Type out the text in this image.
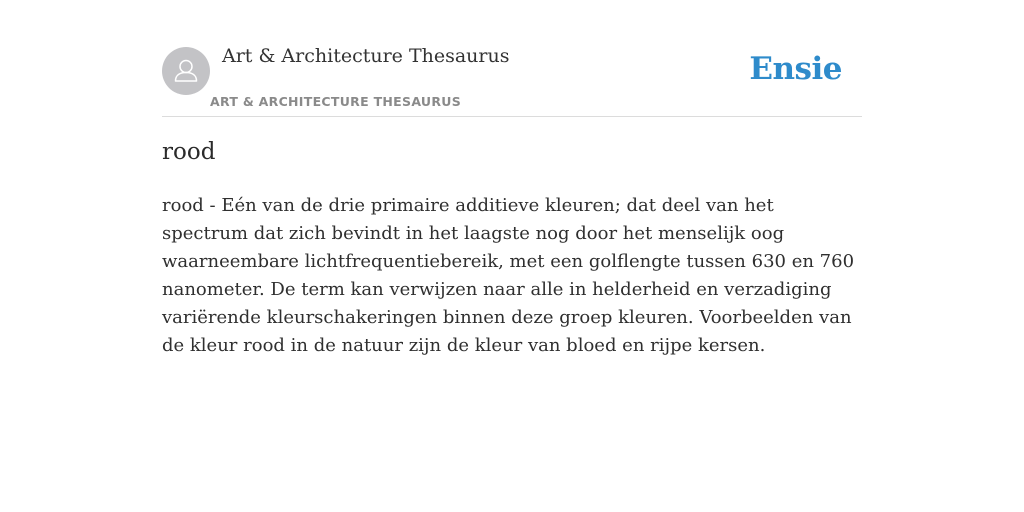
Art & Architecture Thesaurus
ART & ARCHITECTURE THESAURUS
Ensie
rood

rood - Eén van de drie primaire additieve kleuren; dat deel van het spectrum dat zich bevindt in het laagste nog door het menselijk oog waarneembare lichtfrequentiebereik, met een golflengte tussen 630 en 760 nanometer. De term kan verwijzen naar alle in helderheid en verzadiging variërende kleurschakeringen binnen deze groep kleuren. Voorbeelden van de kleur rood in de natuur zijn de kleur van bloed en rijpe kersen.
